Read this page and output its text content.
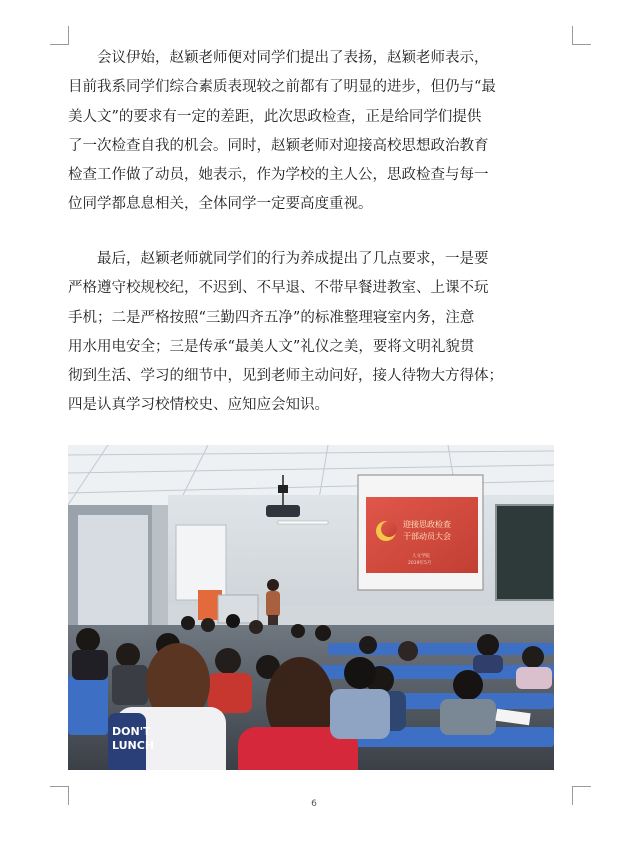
　　会议伊始，赵颖老师便对同学们提出了表扬，赵颖老师表示，
目前我系同学们综合素质表现较之前都有了明显的进步，但仍与“最
美人文”的要求有一定的差距，此次思政检查，正是给同学们提供
了一次检查自我的机会。同时，赵颖老师对迎接高校思想政治教育
检查工作做了动员，她表示，作为学校的主人公，思政检查与每一
位同学都息息相关，全体同学一定要高度重视。
　　最后，赵颖老师就同学们的行为养成提出了几点要求，一是要
严格遵守校规校纪，不迟到、不早退、不带早餐进教室、上课不玩
手机；二是严格按照“三勤四齐五净”的标准整理寝室内务，注意
用水用电安全；三是传承“最美人文”礼仪之美，要将文明礼貌贯
彻到生活、学习的细节中，见到老师主动问好，接人待物大方得体；
四是认真学习校情校史、应知应会知识。
迎接思政检查
干部动员大会
人文学院
2019年5月
DON'T
LUNCH
6
